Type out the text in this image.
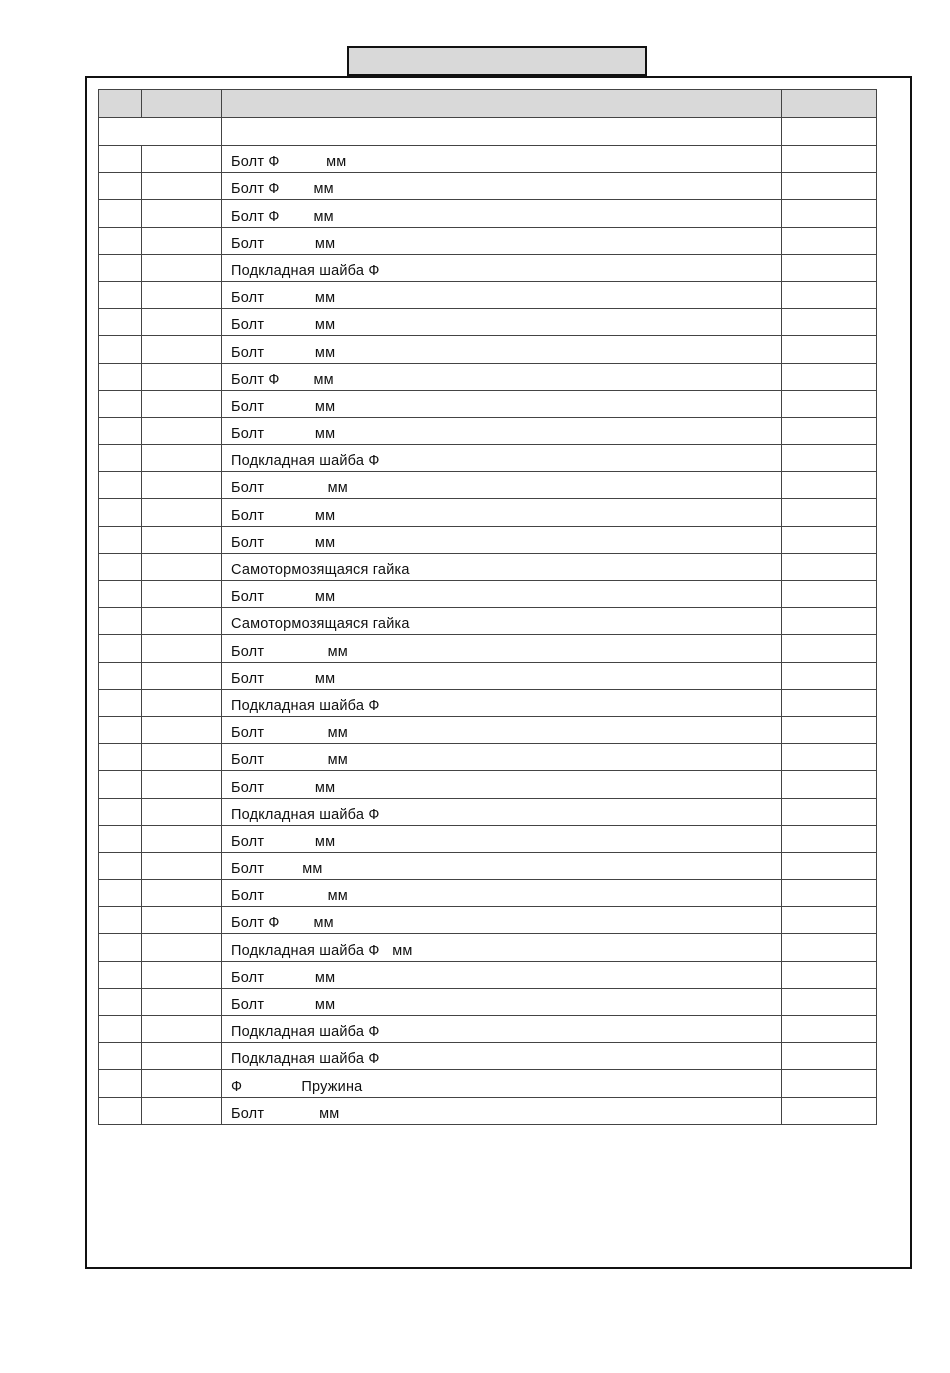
		Болт Ф           мм	

		Болт Ф        мм	

		Болт Ф        мм	

		Болт            мм	

		Подкладная шайба Ф	

		Болт            мм	

		Болт            мм	

		Болт            мм	

		Болт Ф        мм	

		Болт            мм	

		Болт            мм	

		Подкладная шайба Ф	

		Болт               мм	

		Болт            мм	

		Болт            мм	

		Самотормозящаяся гайка	

		Болт            мм	

		Самотормозящаяся гайка	

		Болт               мм	

		Болт            мм	

		Подкладная шайба Ф	

		Болт               мм	

		Болт               мм	

		Болт            мм	

		Подкладная шайба Ф	

		Болт            мм	

		Болт         мм	

		Болт               мм	

		Болт Ф        мм	

		Подкладная шайба Ф   мм	

		Болт            мм	

		Болт            мм	

		Подкладная шайба Ф	

		Подкладная шайба Ф	

		Ф              Пружина	

		Болт             мм	
